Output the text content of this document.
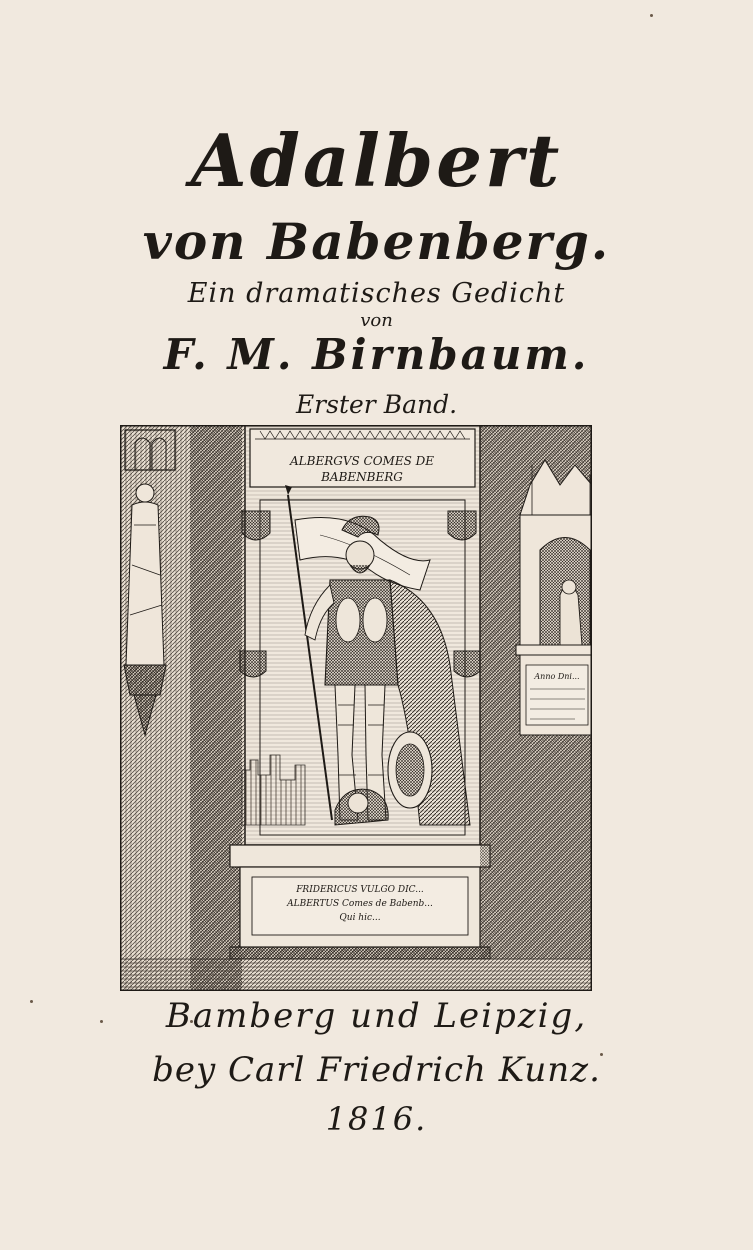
Adalbert
von Babenberg.

Ein dramatisches Gedicht

von

F. M. Birnbaum.

Erster Band.

ALBERGVS COMES DE
BABENBERG
FRIDERICUS VULGO DIC...
ALBERTUS Comes de Babenb...
Qui hic...
Anno Dni...

Bamberg und Leipzig,

bey Carl Friedrich Kunz.

1816.
